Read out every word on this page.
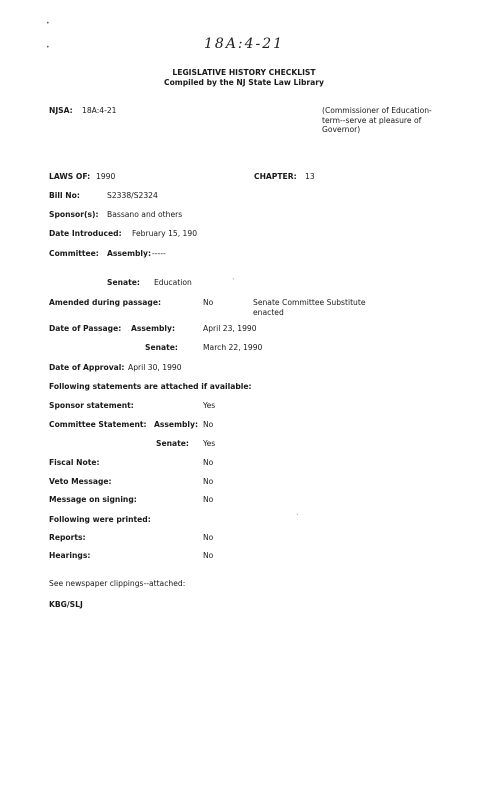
•
•	18A:4-21
LEGISLATIVE HISTORY CHECKLIST
Compiled by the NJ State Law Library
NJSA: 18A:4-21	(Commissioner of Education-term--serve at pleasure of Governor)
LAWS OF: 1990	CHAPTER: 13
Bill No:	S2338/S2324
Sponsor(s): Bassano and others
Date Introduced: February 15, 190
Committee: Assembly: -----
Senate: Education
ˎ
Amended during passage:	No	Senate Committee Substitute enacted
Date of Passage: Assembly:	April 23, 1990
Senate:	March 22, 1990
Date of Approval: April 30, 1990
Following statements are attached if available:
Sponsor statement:	Yes
Committee Statement: Assembly: No
Senate: Yes
Fiscal Note:	No
Veto Message:	No
Message on signing:	No
Following were printed:	`
Reports:	No
Hearings:	No
See newspaper clippings--attached:
KBG/SLJ
